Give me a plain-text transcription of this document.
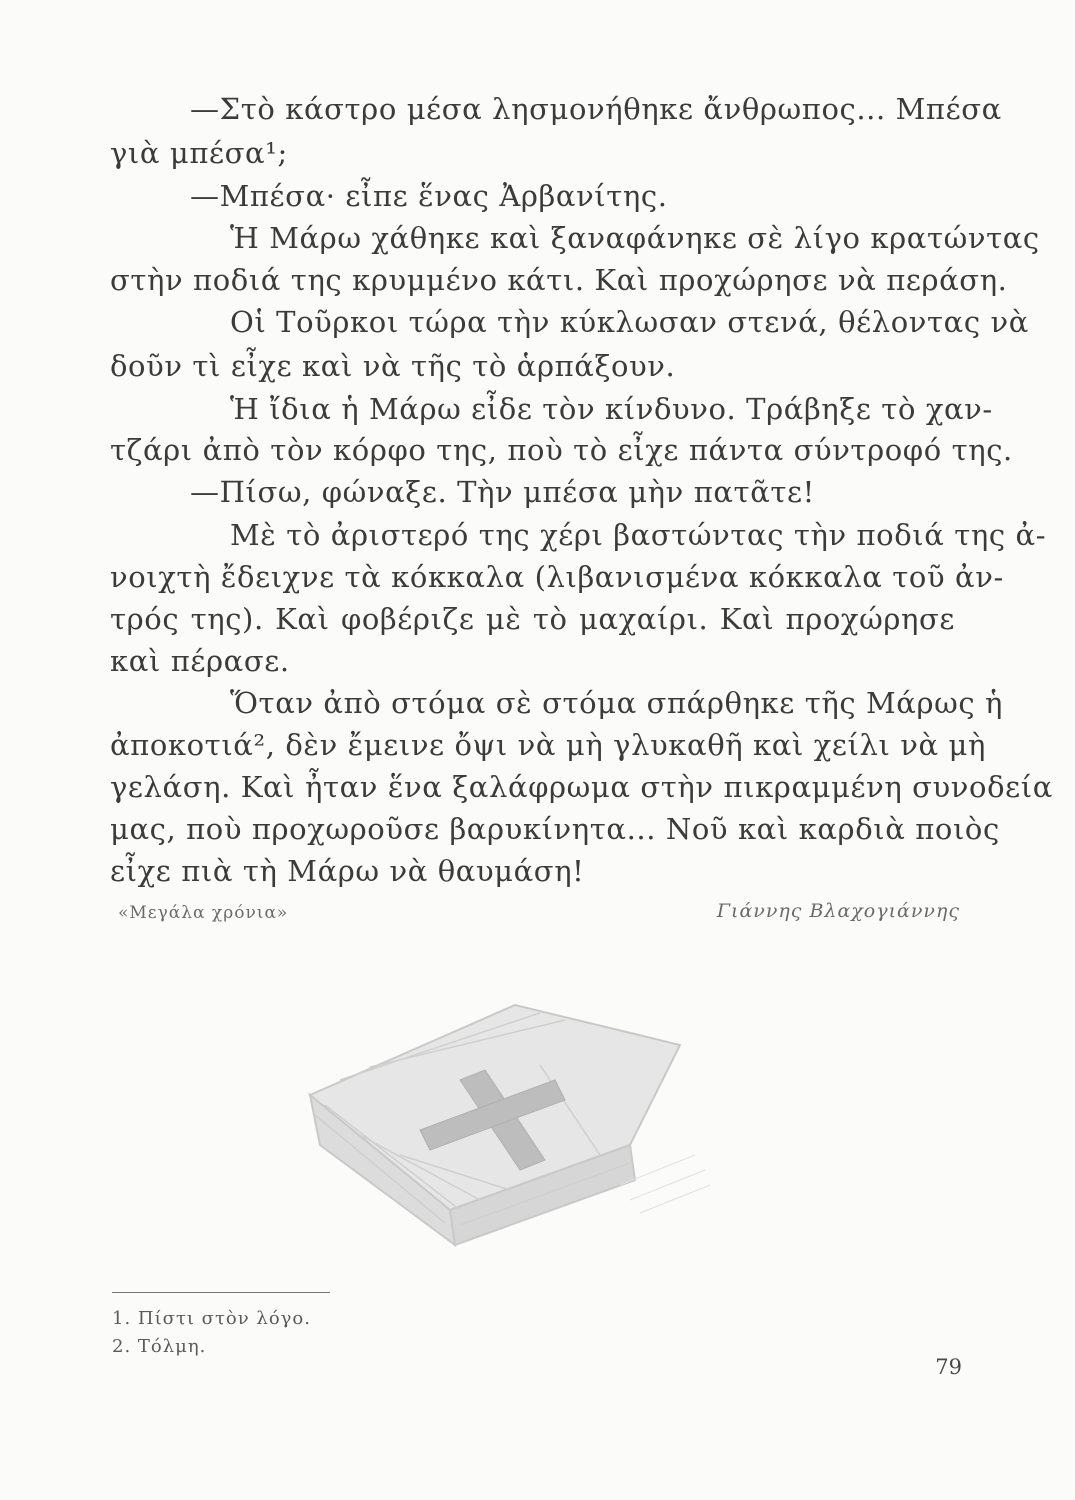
—Στὸ κάστρο μέσα λησμονήθηκε ἄνθρωπος... Μπέσα
γιὰ μπέσα¹;
—Μπέσα· εἶπε ἕνας Ἀρβανίτης.
Ἡ Μάρω χάθηκε καὶ ξαναφάνηκε σὲ λίγο κρατώντας
στὴν ποδιά της κρυμμένο κάτι. Καὶ προχώρησε νὰ περάση.
Οἱ Τοῦρκοι τώρα τὴν κύκλωσαν στενά, θέλοντας νὰ
δοῦν τὶ εἶχε καὶ νὰ τῆς τὸ ἁρπάξουν.
Ἡ ἴδια ἡ Μάρω εἶδε τὸν κίνδυνο. Τράβηξε τὸ χαν-
τζάρι ἀπὸ τὸν κόρφο της, ποὺ τὸ εἶχε πάντα σύντροφό της.
—Πίσω, φώναξε. Τὴν μπέσα μὴν πατᾶτε!
Μὲ τὸ ἀριστερό της χέρι βαστώντας τὴν ποδιά της ἀ-
νοιχτὴ ἔδειχνε τὰ κόκκαλα (λιβανισμένα κόκκαλα τοῦ ἀν-
τρός της). Καὶ φοβέριζε μὲ τὸ μαχαίρι. Καὶ προχώρησε
καὶ πέρασε.
Ὅταν ἀπὸ στόμα σὲ στόμα σπάρθηκε τῆς Μάρως ἡ
ἀποκοτιά², δὲν ἔμεινε ὄψι νὰ μὴ γλυκαθῆ καὶ χείλι νὰ μὴ
γελάση. Καὶ ἦταν ἕνα ξαλάφρωμα στὴν πικραμμένη συνοδεία
μας, ποὺ προχωροῦσε βαρυκίνητα... Νοῦ καὶ καρδιὰ ποιὸς
εἶχε πιὰ τὴ Μάρω νὰ θαυμάση!
«Μεγάλα χρόνια»	Γιάννης Βλαχογιάννης
1. Πίστι στὸν λόγο.
2. Τόλμη.
79
